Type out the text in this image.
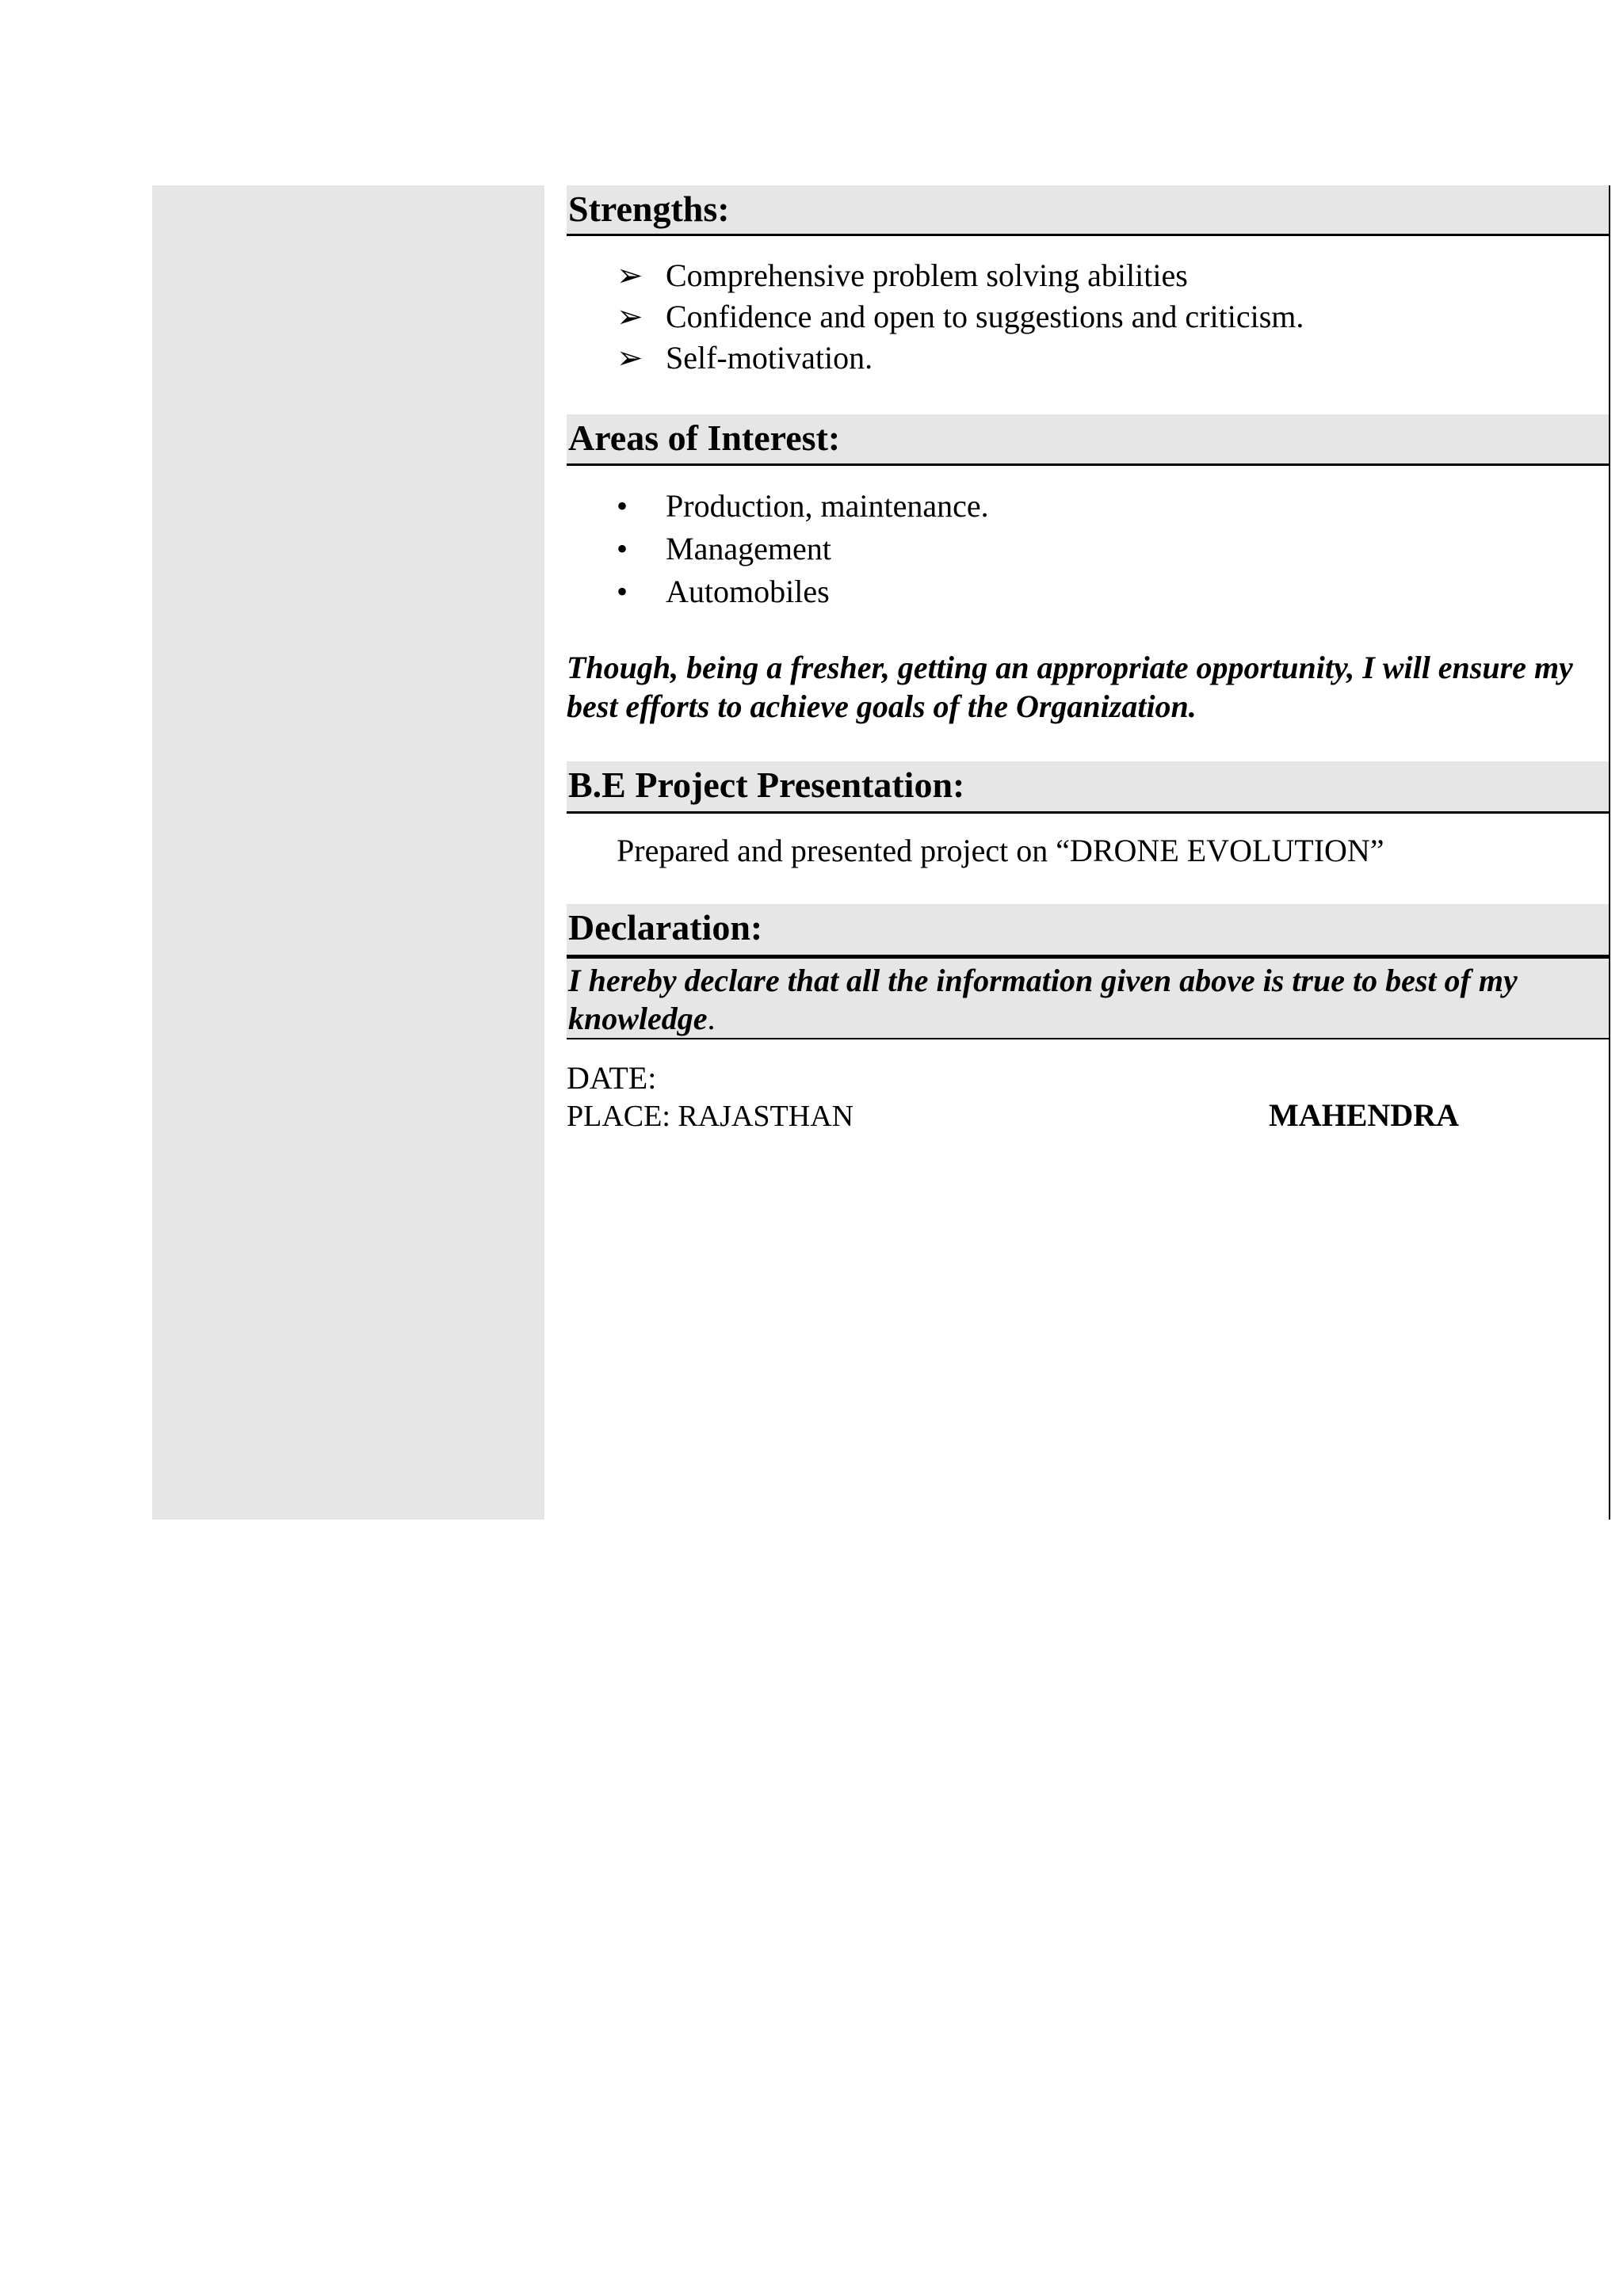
Strengths:
➢ Comprehensive problem solving abilities
➢ Confidence and open to suggestions and criticism.
➢ Self-motivation.
Areas of Interest:
•	Production, maintenance.
•	Management
•	Automobiles
Though, being a fresher, getting an appropriate opportunity, I will ensure my best efforts to achieve goals of the Organization.
B.E Project Presentation:
Prepared and presented project on “DRONE EVOLUTION”
Declaration:
I hereby declare that all the information given above is true to best of my knowledge.
DATE:
PLACE: RAJASTHAN	MAHENDRA
